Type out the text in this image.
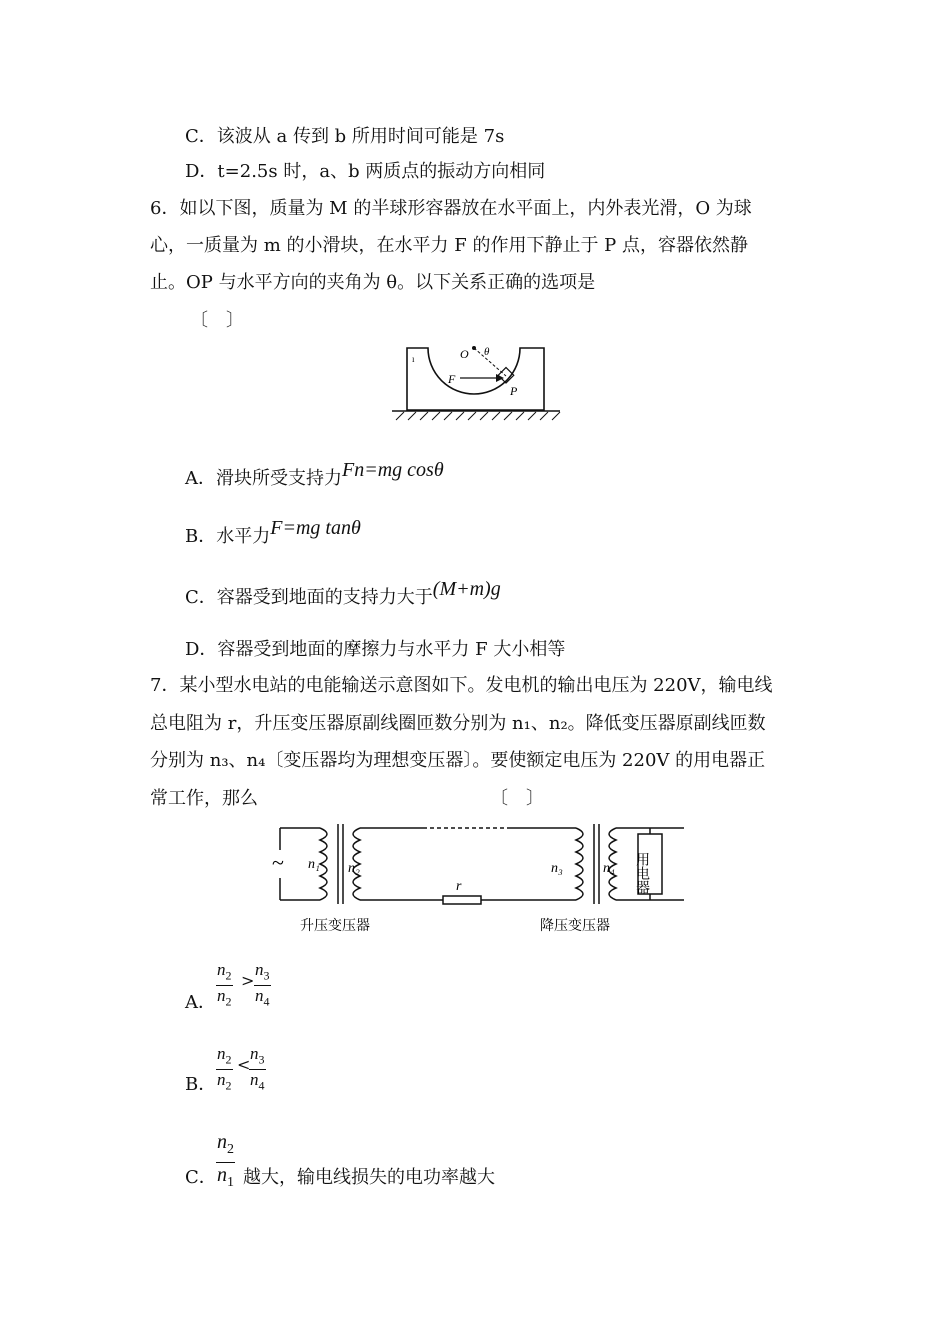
C．该波从 a 传到 b 所用时间可能是 7s
D．t=2.5s 时，a、b 两质点的振动方向相同
6．如以下图，质量为 M 的半球形容器放在水平面上，内外表光滑，O 为球
心，一质量为 m 的小滑块，在水平力 F 的作用下静止于 P 点，容器依然静
止。OP 与水平方向的夹角为 θ。以下关系正确的选项是
〔　〕
O θ
F
P
ı
A．滑块所受支持力Fn=mg cosθ
B．水平力F=mg tanθ
C．容器受到地面的支持力大于(M+m)g
D．容器受到地面的摩擦力与水平力 F 大小相等
7．某小型水电站的电能输送示意图如下。发电机的输出电压为 220V，输电线
总电阻为 r，升压变压器原副线圈匝数分别为 n₁、n₂。降低变压器原副线匝数
分别为 n₃、n₄〔变压器均为理想变压器〕。要使额定电压为 220V 的用电器正
常工作，那么	〔　〕
~ n₁ n₂	n₃	n₄
r	用电器
升压变压器	降压变压器
A． $\frac{n_2}{n_2} > \frac{n_3}{n_4}$
B． $\frac{n_2}{n_2}$ <
$\frac{n_3}{n_4}$
C． $\frac{n_2}{n_1}$ 越大，输电线损失的电功率越大
